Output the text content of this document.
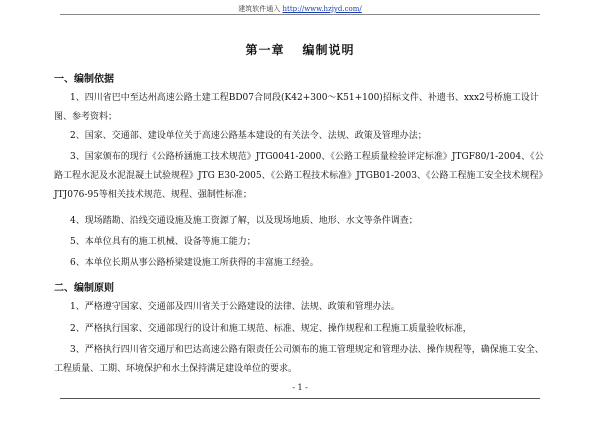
建筑软件通入 http://www.hzjyd.com/
第一章 编制说明
一、编制依据
1、四川省巴中至达州高速公路土建工程BD07合同段(K42+300～K51+100)招标文件、补遗书、xxx2号桥施工设计图、参考资料；
2、国家、交通部、建设单位关于高速公路基本建设的有关法令、法规、政策及管理办法；
3、国家颁布的现行《公路桥涵施工技术规范》JTG0041-2000、《公路工程质量检验评定标准》JTGF80/1-2004、《公路工程水泥及水泥混凝土试验规程》JTG E30-2005、《公路工程技术标准》JTGB01-2003、《公路工程施工安全技术规程》JTJ076-95等相关技术规范、规程、强制性标准；
4、现场踏勘、沿线交通设施及施工资源了解，以及现场地质、地形、水文等条件调查；
5、本单位具有的施工机械、设备等施工能力；
6、本单位长期从事公路桥梁建设施工所获得的丰富施工经验。
二、编制原则
1、严格遵守国家、交通部及四川省关于公路建设的法律、法规、政策和管理办法。
2、严格执行国家、交通部现行的设计和施工规范、标准、规定、操作规程和工程施工质量验收标准，
3、严格执行四川省交通厅和巴达高速公路有限责任公司颁布的施工管理规定和管理办法、操作规程等，确保施工安全、工程质量、工期、环境保护和水土保持满足建设单位的要求。
- 1 -
